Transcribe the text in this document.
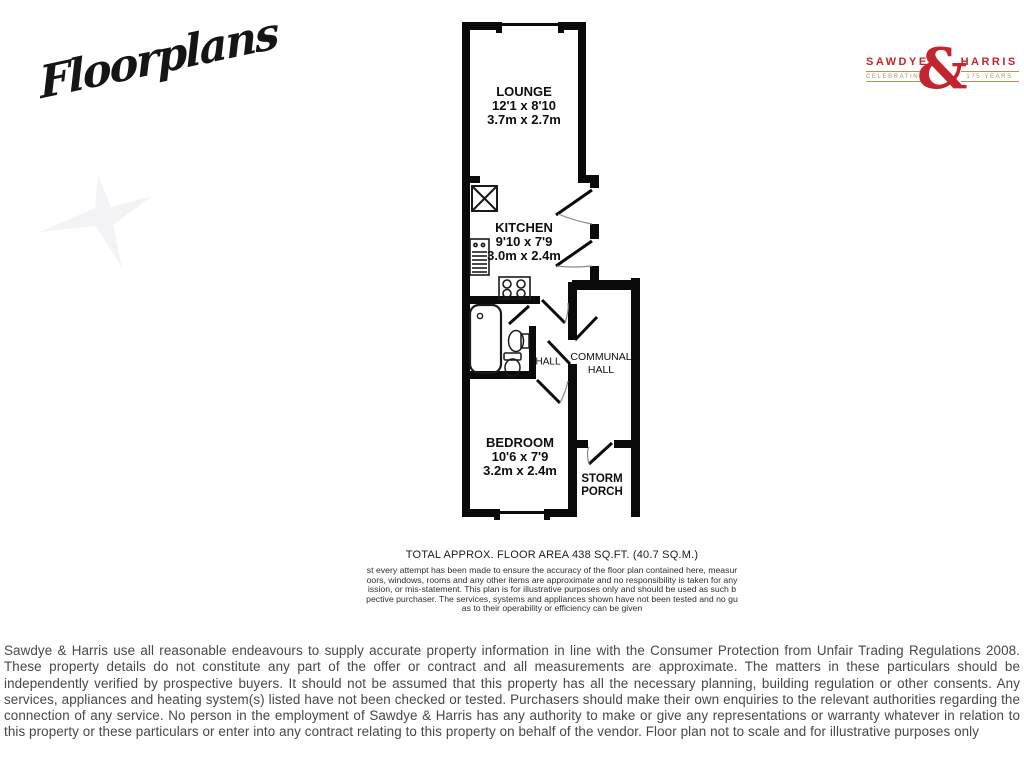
Floorplans	SAWDYE
CELEBRATING
&
HARRIS
175 YEARS
LOUNGE
12'1 x 8'10
3.7m x 2.7m
KITCHEN
9'10 x 7'9
3.0m x 2.4m
HALL COMMUNAL HALL
BEDROOM
10'6 x 7'9
3.2m x 2.4m
STORM PORCH
TOTAL APPROX. FLOOR AREA 438 SQ.FT. (40.7 SQ.M.)
st every attempt has been made to ensure the accuracy of the floor plan contained here, measur
oors, windows, rooms and any other items are approximate and no responsibility is taken for any
ission, or mis-statement. This plan is for illustrative purposes only and should be used as such b
pective purchaser. The services, systems and appliances shown have not been tested and no gu
as to their operability or efficiency can be given
Sawdye & Harris use all reasonable endeavours to supply accurate property information in line with the Consumer Protection from Unfair Trading Regulations 2008. These property details do not constitute any part of the offer or contract and all measurements are approximate. The matters in these particulars should be independently verified by prospective buyers. It should not be assumed that this property has all the necessary planning, building regulation or other consents. Any services, appliances and heating system(s) listed have not been checked or tested. Purchasers should make their own enquiries to the relevant authorities regarding the connection of any service. No person in the employment of Sawdye & Harris has any authority to make or give any representations or warranty whatever in relation to this property or these particulars or enter into any contract relating to this property on behalf of the vendor. Floor plan not to scale and for illustrative purposes only
